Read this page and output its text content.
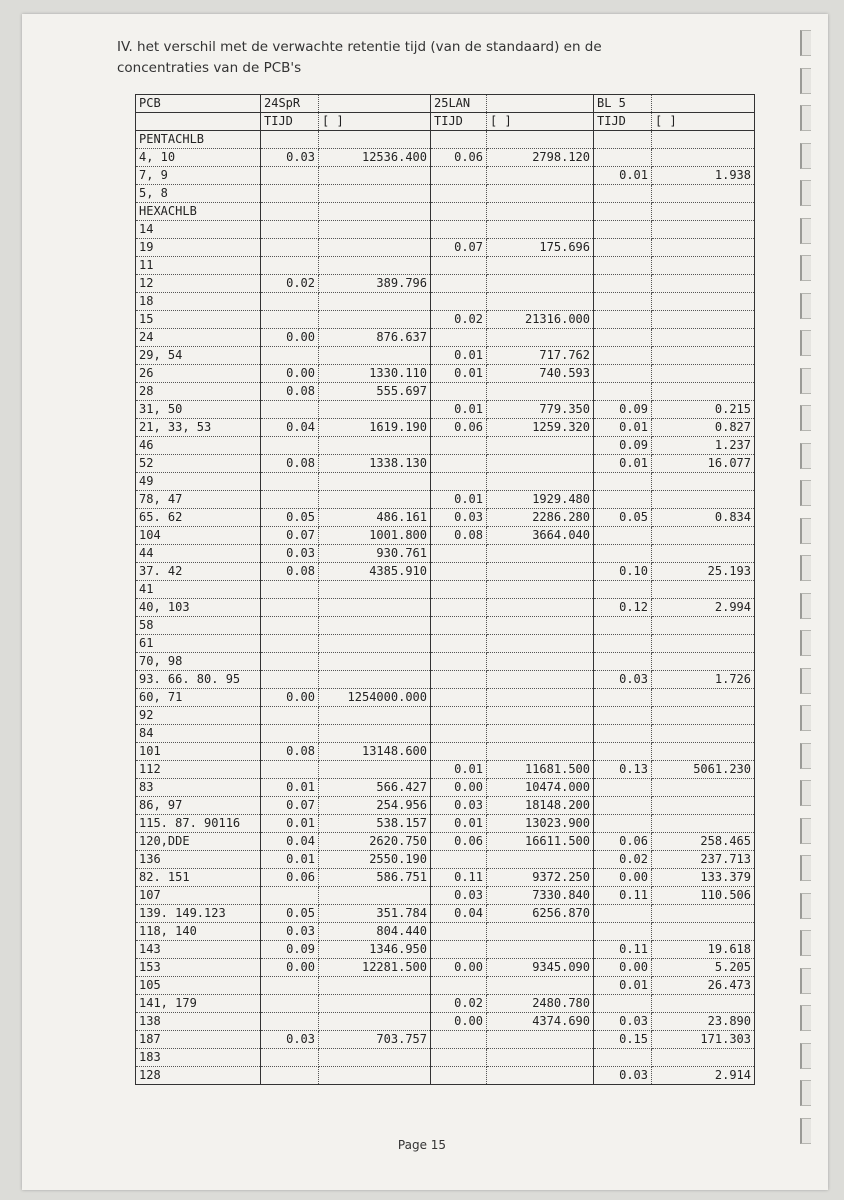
IV. het verschil met de verwachte retentie tijd (van de standaard) en de
concentraties van de PCB's
PCB	24SpR		25LAN		BL 5	
	TIJD	[ ]	TIJD	[ ]	TIJD	[ ]
PENTACHLB						
4, 10	0.03	12536.400	0.06	2798.120		
7, 9					0.01	1.938
5, 8						
HEXACHLB						
14						
19			0.07	175.696		
11						
12	0.02	389.796				
18						
15			0.02	21316.000		
24	0.00	876.637				
29, 54			0.01	717.762		
26	0.00	1330.110	0.01	740.593		
28	0.08	555.697				
31, 50			0.01	779.350	0.09	0.215
21, 33, 53	0.04	1619.190	0.06	1259.320	0.01	0.827
46					0.09	1.237
52	0.08	1338.130			0.01	16.077
49						
78, 47			0.01	1929.480		
65. 62	0.05	486.161	0.03	2286.280	0.05	0.834
104	0.07	1001.800	0.08	3664.040		
44	0.03	930.761				
37. 42	0.08	4385.910			0.10	25.193
41						
40, 103					0.12	2.994
58						
61						
70, 98						
93. 66. 80. 95					0.03	1.726
60, 71	0.00	1254000.000				
92						
84						
101	0.08	13148.600				
112			0.01	11681.500	0.13	5061.230
83	0.01	566.427	0.00	10474.000		
86, 97	0.07	254.956	0.03	18148.200		
115. 87. 90116	0.01	538.157	0.01	13023.900		
120,DDE	0.04	2620.750	0.06	16611.500	0.06	258.465
136	0.01	2550.190			0.02	237.713
82. 151	0.06	586.751	0.11	9372.250	0.00	133.379
107			0.03	7330.840	0.11	110.506
139. 149.123	0.05	351.784	0.04	6256.870		
118, 140	0.03	804.440				
143	0.09	1346.950			0.11	19.618
153	0.00	12281.500	0.00	9345.090	0.00	5.205
105					0.01	26.473
141, 179			0.02	2480.780		
138			0.00	4374.690	0.03	23.890
187	0.03	703.757			0.15	171.303
183						
128					0.03	2.914
Page 15
